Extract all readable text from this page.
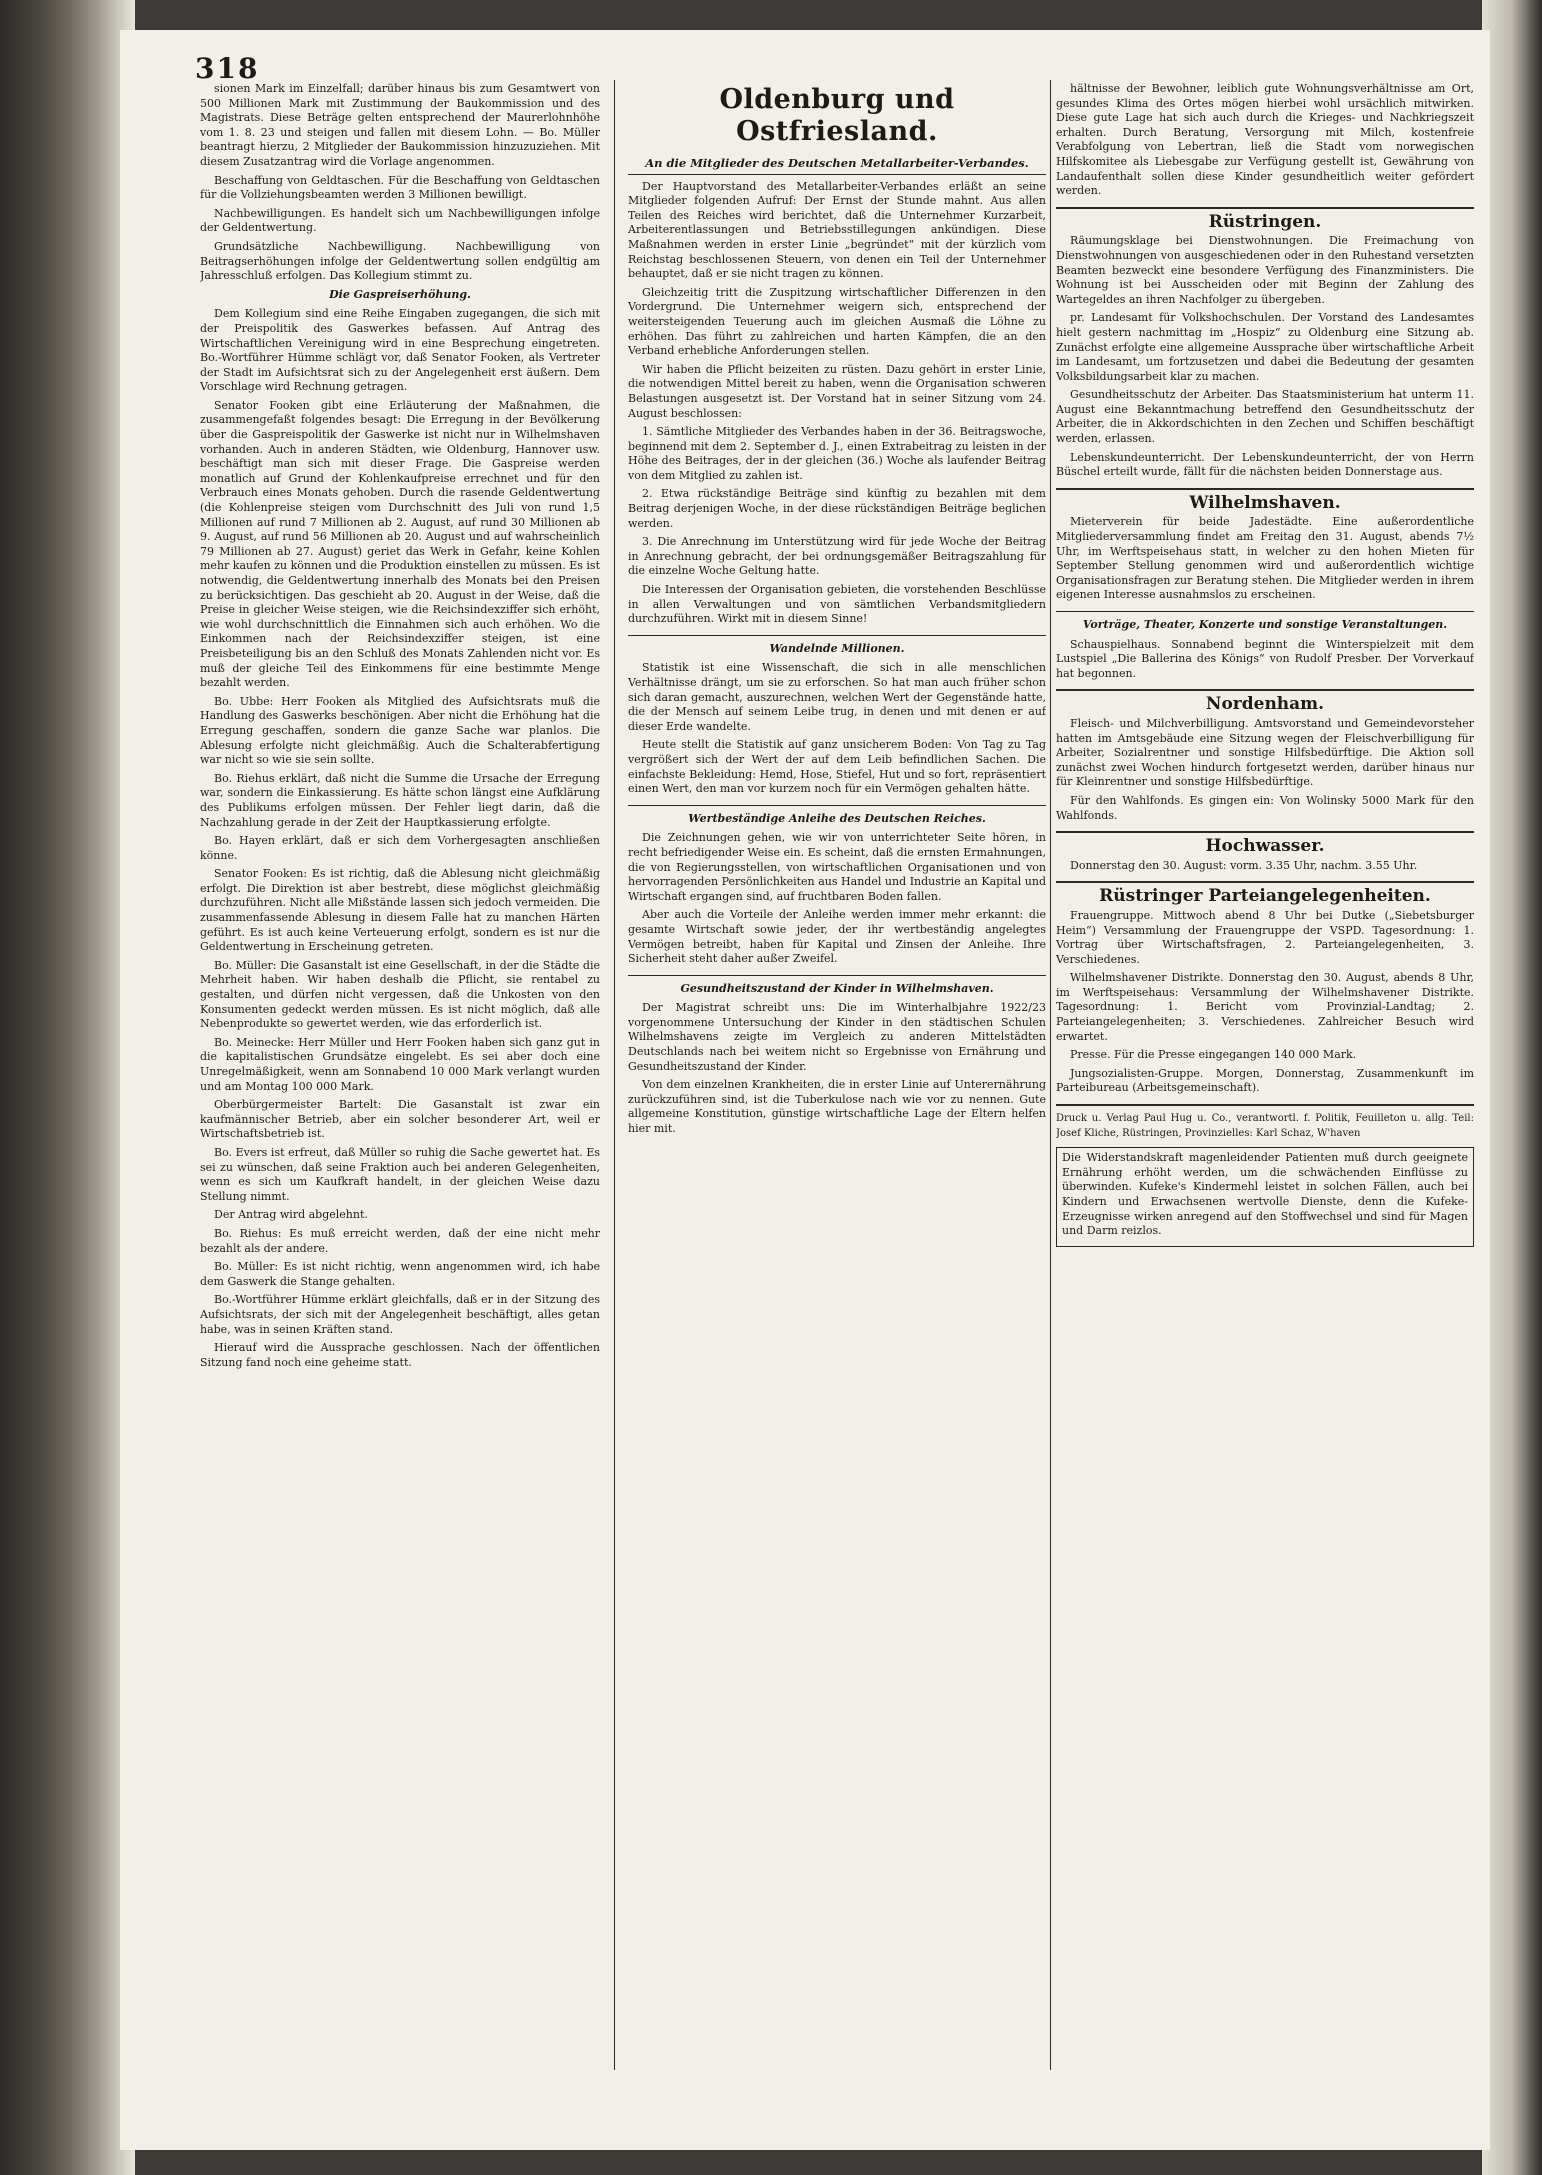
318

sionen Mark im Einzelfall; darüber hinaus bis zum Gesamtwert von 500 Millionen Mark mit Zustimmung der Baukommission und des Magistrats. Diese Beträge gelten entsprechend der Maurerlohnhöhe vom 1. 8. 23 und steigen und fallen mit diesem Lohn. — Bo. Müller beantragt hierzu, 2 Mitglieder der Baukommission hinzuzuziehen. Mit diesem Zusatzantrag wird die Vorlage angenommen.

Beschaffung von Geldtaschen. Für die Beschaffung von Geldtaschen für die Vollziehungsbeamten werden 3 Millionen bewilligt.

Nachbewilligungen. Es handelt sich um Nachbewilligungen infolge der Geldentwertung.

Grundsätzliche Nachbewilligung. Nachbewilligung von Beitragserhöhungen infolge der Geldentwertung sollen endgültig am Jahresschluß erfolgen. Das Kollegium stimmt zu.

Die Gaspreiserhöhung.

Dem Kollegium sind eine Reihe Eingaben zugegangen, die sich mit der Preispolitik des Gaswerkes befassen. Auf Antrag des Wirtschaftlichen Vereinigung wird in eine Besprechung eingetreten. Bo.-Wortführer Hümme schlägt vor, daß Senator Fooken, als Vertreter der Stadt im Aufsichtsrat sich zu der Angelegenheit erst äußern. Dem Vorschlage wird Rechnung getragen.

Senator Fooken gibt eine Erläuterung der Maßnahmen, die zusammengefaßt folgendes besagt: Die Erregung in der Bevölkerung über die Gaspreispolitik der Gaswerke ist nicht nur in Wilhelmshaven vorhanden. Auch in anderen Städten, wie Oldenburg, Hannover usw. beschäftigt man sich mit dieser Frage. Die Gaspreise werden monatlich auf Grund der Kohlenkaufpreise errechnet und für den Verbrauch eines Monats gehoben. Durch die rasende Geldentwertung (die Kohlenpreise steigen vom Durchschnitt des Juli von rund 1,5 Millionen auf rund 7 Millionen ab 2. August, auf rund 30 Millionen ab 9. August, auf rund 56 Millionen ab 20. August und auf wahrscheinlich 79 Millionen ab 27. August) geriet das Werk in Gefahr, keine Kohlen mehr kaufen zu können und die Produktion einstellen zu müssen. Es ist notwendig, die Geldentwertung innerhalb des Monats bei den Preisen zu berücksichtigen. Das geschieht ab 20. August in der Weise, daß die Preise in gleicher Weise steigen, wie die Reichsindexziffer sich erhöht, wie wohl durchschnittlich die Einnahmen sich auch erhöhen. Wo die Einkommen nach der Reichsindexziffer steigen, ist eine Preisbeteiligung bis an den Schluß des Monats Zahlenden nicht vor. Es muß der gleiche Teil des Einkommens für eine bestimmte Menge bezahlt werden.

Bo. Ubbe: Herr Fooken als Mitglied des Aufsichtsrats muß die Handlung des Gaswerks beschönigen. Aber nicht die Erhöhung hat die Erregung geschaffen, sondern die ganze Sache war planlos. Die Ablesung erfolgte nicht gleichmäßig. Auch die Schalterabfertigung war nicht so wie sie sein sollte.

Bo. Riehus erklärt, daß nicht die Summe die Ursache der Erregung war, sondern die Einkassierung. Es hätte schon längst eine Aufklärung des Publikums erfolgen müssen. Der Fehler liegt darin, daß die Nachzahlung gerade in der Zeit der Hauptkassierung erfolgte.

Bo. Hayen erklärt, daß er sich dem Vorhergesagten anschließen könne.

Senator Fooken: Es ist richtig, daß die Ablesung nicht gleichmäßig erfolgt. Die Direktion ist aber bestrebt, diese möglichst gleichmäßig durchzuführen. Nicht alle Mißstände lassen sich jedoch vermeiden. Die zusammenfassende Ablesung in diesem Falle hat zu manchen Härten geführt. Es ist auch keine Verteuerung erfolgt, sondern es ist nur die Geldentwertung in Erscheinung getreten.

Bo. Müller: Die Gasanstalt ist eine Gesellschaft, in der die Städte die Mehrheit haben. Wir haben deshalb die Pflicht, sie rentabel zu gestalten, und dürfen nicht vergessen, daß die Unkosten von den Konsumenten gedeckt werden müssen. Es ist nicht möglich, daß alle Nebenprodukte so gewertet werden, wie das erforderlich ist.

Bo. Meinecke: Herr Müller und Herr Fooken haben sich ganz gut in die kapitalistischen Grundsätze eingelebt. Es sei aber doch eine Unregelmäßigkeit, wenn am Sonnabend 10 000 Mark verlangt wurden und am Montag 100 000 Mark.

Oberbürgermeister Bartelt: Die Gasanstalt ist zwar ein kaufmännischer Betrieb, aber ein solcher besonderer Art, weil er Wirtschaftsbetrieb ist.

Bo. Evers ist erfreut, daß Müller so ruhig die Sache gewertet hat. Es sei zu wünschen, daß seine Fraktion auch bei anderen Gelegenheiten, wenn es sich um Kaufkraft handelt, in der gleichen Weise dazu Stellung nimmt.

Der Antrag wird abgelehnt.

Bo. Riehus: Es muß erreicht werden, daß der eine nicht mehr bezahlt als der andere.

Bo. Müller: Es ist nicht richtig, wenn angenommen wird, ich habe dem Gaswerk die Stange gehalten.

Bo.-Wortführer Hümme erklärt gleichfalls, daß er in der Sitzung des Aufsichtsrats, der sich mit der Angelegenheit beschäftigt, alles getan habe, was in seinen Kräften stand.

Hierauf wird die Aussprache geschlossen. Nach der öffentlichen Sitzung fand noch eine geheime statt.

Oldenburg und Ostfriesland.
An die Mitglieder des Deutschen Metallarbeiter-Verbandes.

Der Hauptvorstand des Metallarbeiter-Verbandes erläßt an seine Mitglieder folgenden Aufruf: Der Ernst der Stunde mahnt. Aus allen Teilen des Reiches wird berichtet, daß die Unternehmer Kurzarbeit, Arbeiterentlassungen und Betriebsstillegungen ankündigen. Diese Maßnahmen werden in erster Linie „begründet“ mit der kürzlich vom Reichstag beschlossenen Steuern, von denen ein Teil der Unternehmer behauptet, daß er sie nicht tragen zu können.

Gleichzeitig tritt die Zuspitzung wirtschaftlicher Differenzen in den Vordergrund. Die Unternehmer weigern sich, entsprechend der weitersteigenden Teuerung auch im gleichen Ausmaß die Löhne zu erhöhen. Das führt zu zahlreichen und harten Kämpfen, die an den Verband erhebliche Anforderungen stellen.

Wir haben die Pflicht beizeiten zu rüsten. Dazu gehört in erster Linie, die notwendigen Mittel bereit zu haben, wenn die Organisation schweren Belastungen ausgesetzt ist. Der Vorstand hat in seiner Sitzung vom 24. August beschlossen:

1. Sämtliche Mitglieder des Verbandes haben in der 36. Beitragswoche, beginnend mit dem 2. September d. J., einen Extrabeitrag zu leisten in der Höhe des Beitrages, der in der gleichen (36.) Woche als laufender Beitrag von dem Mitglied zu zahlen ist.

2. Etwa rückständige Beiträge sind künftig zu bezahlen mit dem Beitrag derjenigen Woche, in der diese rückständigen Beiträge beglichen werden.

3. Die Anrechnung im Unterstützung wird für jede Woche der Beitrag in Anrechnung gebracht, der bei ordnungsgemäßer Beitragszahlung für die einzelne Woche Geltung hatte.

Die Interessen der Organisation gebieten, die vorstehenden Beschlüsse in allen Verwaltungen und von sämtlichen Verbandsmitgliedern durchzuführen. Wirkt mit in diesem Sinne!

Wandelnde Millionen.

Statistik ist eine Wissenschaft, die sich in alle menschlichen Verhältnisse drängt, um sie zu erforschen. So hat man auch früher schon sich daran gemacht, auszurechnen, welchen Wert der Gegenstände hatte, die der Mensch auf seinem Leibe trug, in denen und mit denen er auf dieser Erde wandelte.

Heute stellt die Statistik auf ganz unsicherem Boden: Von Tag zu Tag vergrößert sich der Wert der auf dem Leib befindlichen Sachen. Die einfachste Bekleidung: Hemd, Hose, Stiefel, Hut und so fort, repräsentiert einen Wert, den man vor kurzem noch für ein Vermögen gehalten hätte.

Wertbeständige Anleihe des Deutschen Reiches.

Die Zeichnungen gehen, wie wir von unterrichteter Seite hören, in recht befriedigender Weise ein. Es scheint, daß die ernsten Ermahnungen, die von Regierungsstellen, von wirtschaftlichen Organisationen und von hervorragenden Persönlichkeiten aus Handel und Industrie an Kapital und Wirtschaft ergangen sind, auf fruchtbaren Boden fallen.

Aber auch die Vorteile der Anleihe werden immer mehr erkannt: die gesamte Wirtschaft sowie jeder, der ihr wertbeständig angelegtes Vermögen betreibt, haben für Kapital und Zinsen der Anleihe. Ihre Sicherheit steht daher außer Zweifel.

Gesundheitszustand der Kinder in Wilhelmshaven.

Der Magistrat schreibt uns: Die im Winterhalbjahre 1922/23 vorgenommene Untersuchung der Kinder in den städtischen Schulen Wilhelmshavens zeigte im Vergleich zu anderen Mittelstädten Deutschlands nach bei weitem nicht so Ergebnisse von Ernährung und Gesundheitszustand der Kinder.

Von dem einzelnen Krankheiten, die in erster Linie auf Unterernährung zurückzuführen sind, ist die Tuberkulose nach wie vor zu nennen. Gute allgemeine Konstitution, günstige wirtschaftliche Lage der Eltern helfen hier mit.

hältnisse der Bewohner, leiblich gute Wohnungsverhältnisse am Ort, gesundes Klima des Ortes mögen hierbei wohl ursächlich mitwirken. Diese gute Lage hat sich auch durch die Krieges- und Nachkriegszeit erhalten. Durch Beratung, Versorgung mit Milch, kostenfreie Verabfolgung von Lebertran, ließ die Stadt vom norwegischen Hilfskomitee als Liebesgabe zur Verfügung gestellt ist, Gewährung von Landaufenthalt sollen diese Kinder gesundheitlich weiter gefördert werden.

Rüstringen.

Räumungsklage bei Dienstwohnungen. Die Freimachung von Dienstwohnungen von ausgeschiedenen oder in den Ruhestand versetzten Beamten bezweckt eine besondere Verfügung des Finanzministers. Die Wohnung ist bei Ausscheiden oder mit Beginn der Zahlung des Wartegeldes an ihren Nachfolger zu übergeben.

pr. Landesamt für Volkshochschulen. Der Vorstand des Landesamtes hielt gestern nachmittag im „Hospiz“ zu Oldenburg eine Sitzung ab. Zunächst erfolgte eine allgemeine Aussprache über wirtschaftliche Arbeit im Landesamt, um fortzusetzen und dabei die Bedeutung der gesamten Volksbildungsarbeit klar zu machen.

Gesundheitsschutz der Arbeiter. Das Staatsministerium hat unterm 11. August eine Bekanntmachung betreffend den Gesundheitsschutz der Arbeiter, die in Akkordschichten in den Zechen und Schiffen beschäftigt werden, erlassen.

Lebenskundeunterricht. Der Lebenskundeunterricht, der von Herrn Büschel erteilt wurde, fällt für die nächsten beiden Donnerstage aus.

Wilhelmshaven.

Mieterverein für beide Jadestädte. Eine außerordentliche Mitgliederversammlung findet am Freitag den 31. August, abends 7½ Uhr, im Werftspeisehaus statt, in welcher zu den hohen Mieten für September Stellung genommen wird und außerordentlich wichtige Organisationsfragen zur Beratung stehen. Die Mitglieder werden in ihrem eigenen Interesse ausnahmslos zu erscheinen.

Vorträge, Theater, Konzerte und sonstige Veranstaltungen.

Schauspielhaus. Sonnabend beginnt die Winterspielzeit mit dem Lustspiel „Die Ballerina des Königs“ von Rudolf Presber. Der Vorverkauf hat begonnen.

Nordenham.

Fleisch- und Milchverbilligung. Amtsvorstand und Gemeindevorsteher hatten im Amtsgebäude eine Sitzung wegen der Fleischverbilligung für Arbeiter, Sozialrentner und sonstige Hilfsbedürftige. Die Aktion soll zunächst zwei Wochen hindurch fortgesetzt werden, darüber hinaus nur für Kleinrentner und sonstige Hilfsbedürftige.

Für den Wahlfonds. Es gingen ein: Von Wolinsky 5000 Mark für den Wahlfonds.

Hochwasser.

Donnerstag den 30. August: vorm. 3.35 Uhr, nachm. 3.55 Uhr.

Rüstringer Parteiangelegenheiten.

Frauengruppe. Mittwoch abend 8 Uhr bei Dutke („Siebetsburger Heim“) Versammlung der Frauengruppe der VSPD. Tagesordnung: 1. Vortrag über Wirtschaftsfragen, 2. Parteiangelegenheiten, 3. Verschiedenes.

Wilhelmshavener Distrikte. Donnerstag den 30. August, abends 8 Uhr, im Werftspeisehaus: Versammlung der Wilhelmshavener Distrikte. Tagesordnung: 1. Bericht vom Provinzial-Landtag; 2. Parteiangelegenheiten; 3. Verschiedenes. Zahlreicher Besuch wird erwartet.

Presse. Für die Presse eingegangen 140 000 Mark.

Jungsozialisten-Gruppe. Morgen, Donnerstag, Zusammenkunft im Parteibureau (Arbeitsgemeinschaft).

Druck u. Verlag Paul Hug u. Co., verantwortl. f. Politik, Feuilleton u. allg. Teil: Josef Kliche, Rüstringen, Provinzielles: Karl Schaz, W'haven

Die Widerstandskraft magenleidender Patienten muß durch geeignete Ernährung erhöht werden, um die schwächenden Einflüsse zu überwinden. Kufeke's Kindermehl leistet in solchen Fällen, auch bei Kindern und Erwachsenen wertvolle Dienste, denn die Kufeke-Erzeugnisse wirken anregend auf den Stoffwechsel und sind für Magen und Darm reizlos.
